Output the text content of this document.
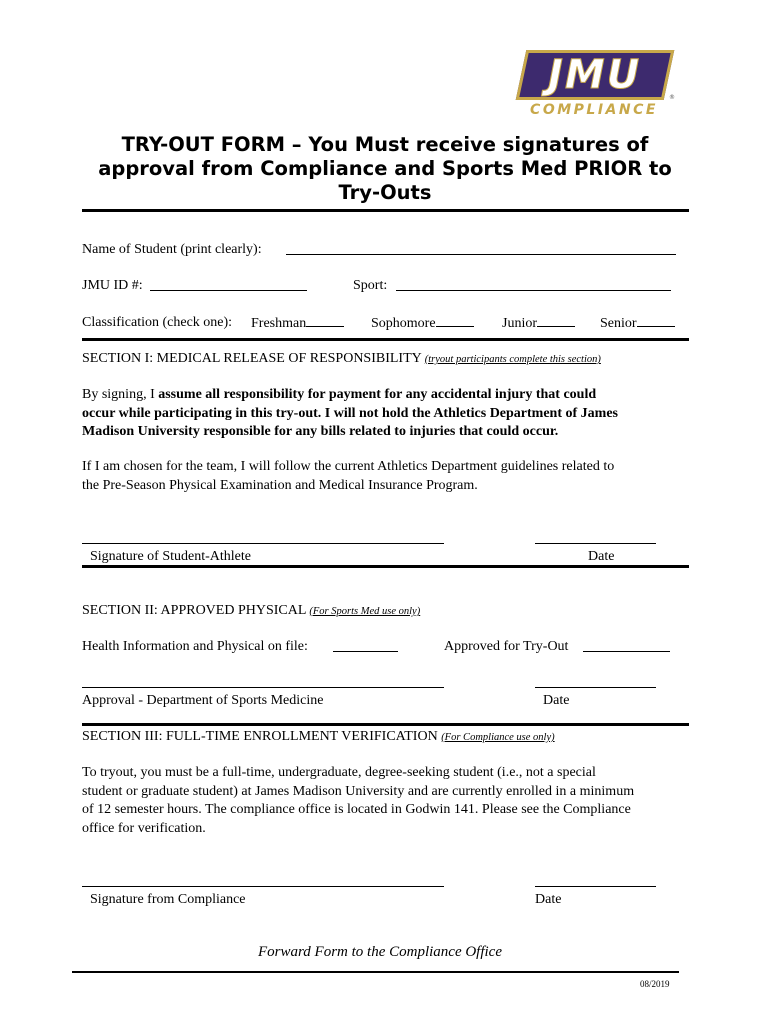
JMU
COMPLIANCE
®
TRY-OUT FORM – You Must receive signatures of
approval from Compliance and Sports Med PRIOR to
Try-Outs
Name of Student (print clearly):
JMU ID #:	Sport:
Classification (check one): Freshman	Sophomore	Junior	Senior
SECTION I: MEDICAL RELEASE OF RESPONSIBILITY (tryout participants complete this section)
By signing, I assume all responsibility for payment for any accidental injury that could
occur while participating in this try-out. I will not hold the Athletics Department of James
Madison University responsible for any bills related to injuries that could occur.
If I am chosen for the team, I will follow the current Athletics Department guidelines related to
the Pre-Season Physical Examination and Medical Insurance Program.
Signature of Student-Athlete	Date
SECTION II: APPROVED PHYSICAL (For Sports Med use only)
Health Information and Physical on file:	Approved for Try-Out
Approval - Department of Sports Medicine	Date
SECTION III: FULL-TIME ENROLLMENT VERIFICATION (For Compliance use only)
To tryout, you must be a full-time, undergraduate, degree-seeking student (i.e., not a special
student or graduate student) at James Madison University and are currently enrolled in a minimum
of 12 semester hours. The compliance office is located in Godwin 141. Please see the Compliance
office for verification.
Signature from Compliance	Date
Forward Form to the Compliance Office
08/2019
